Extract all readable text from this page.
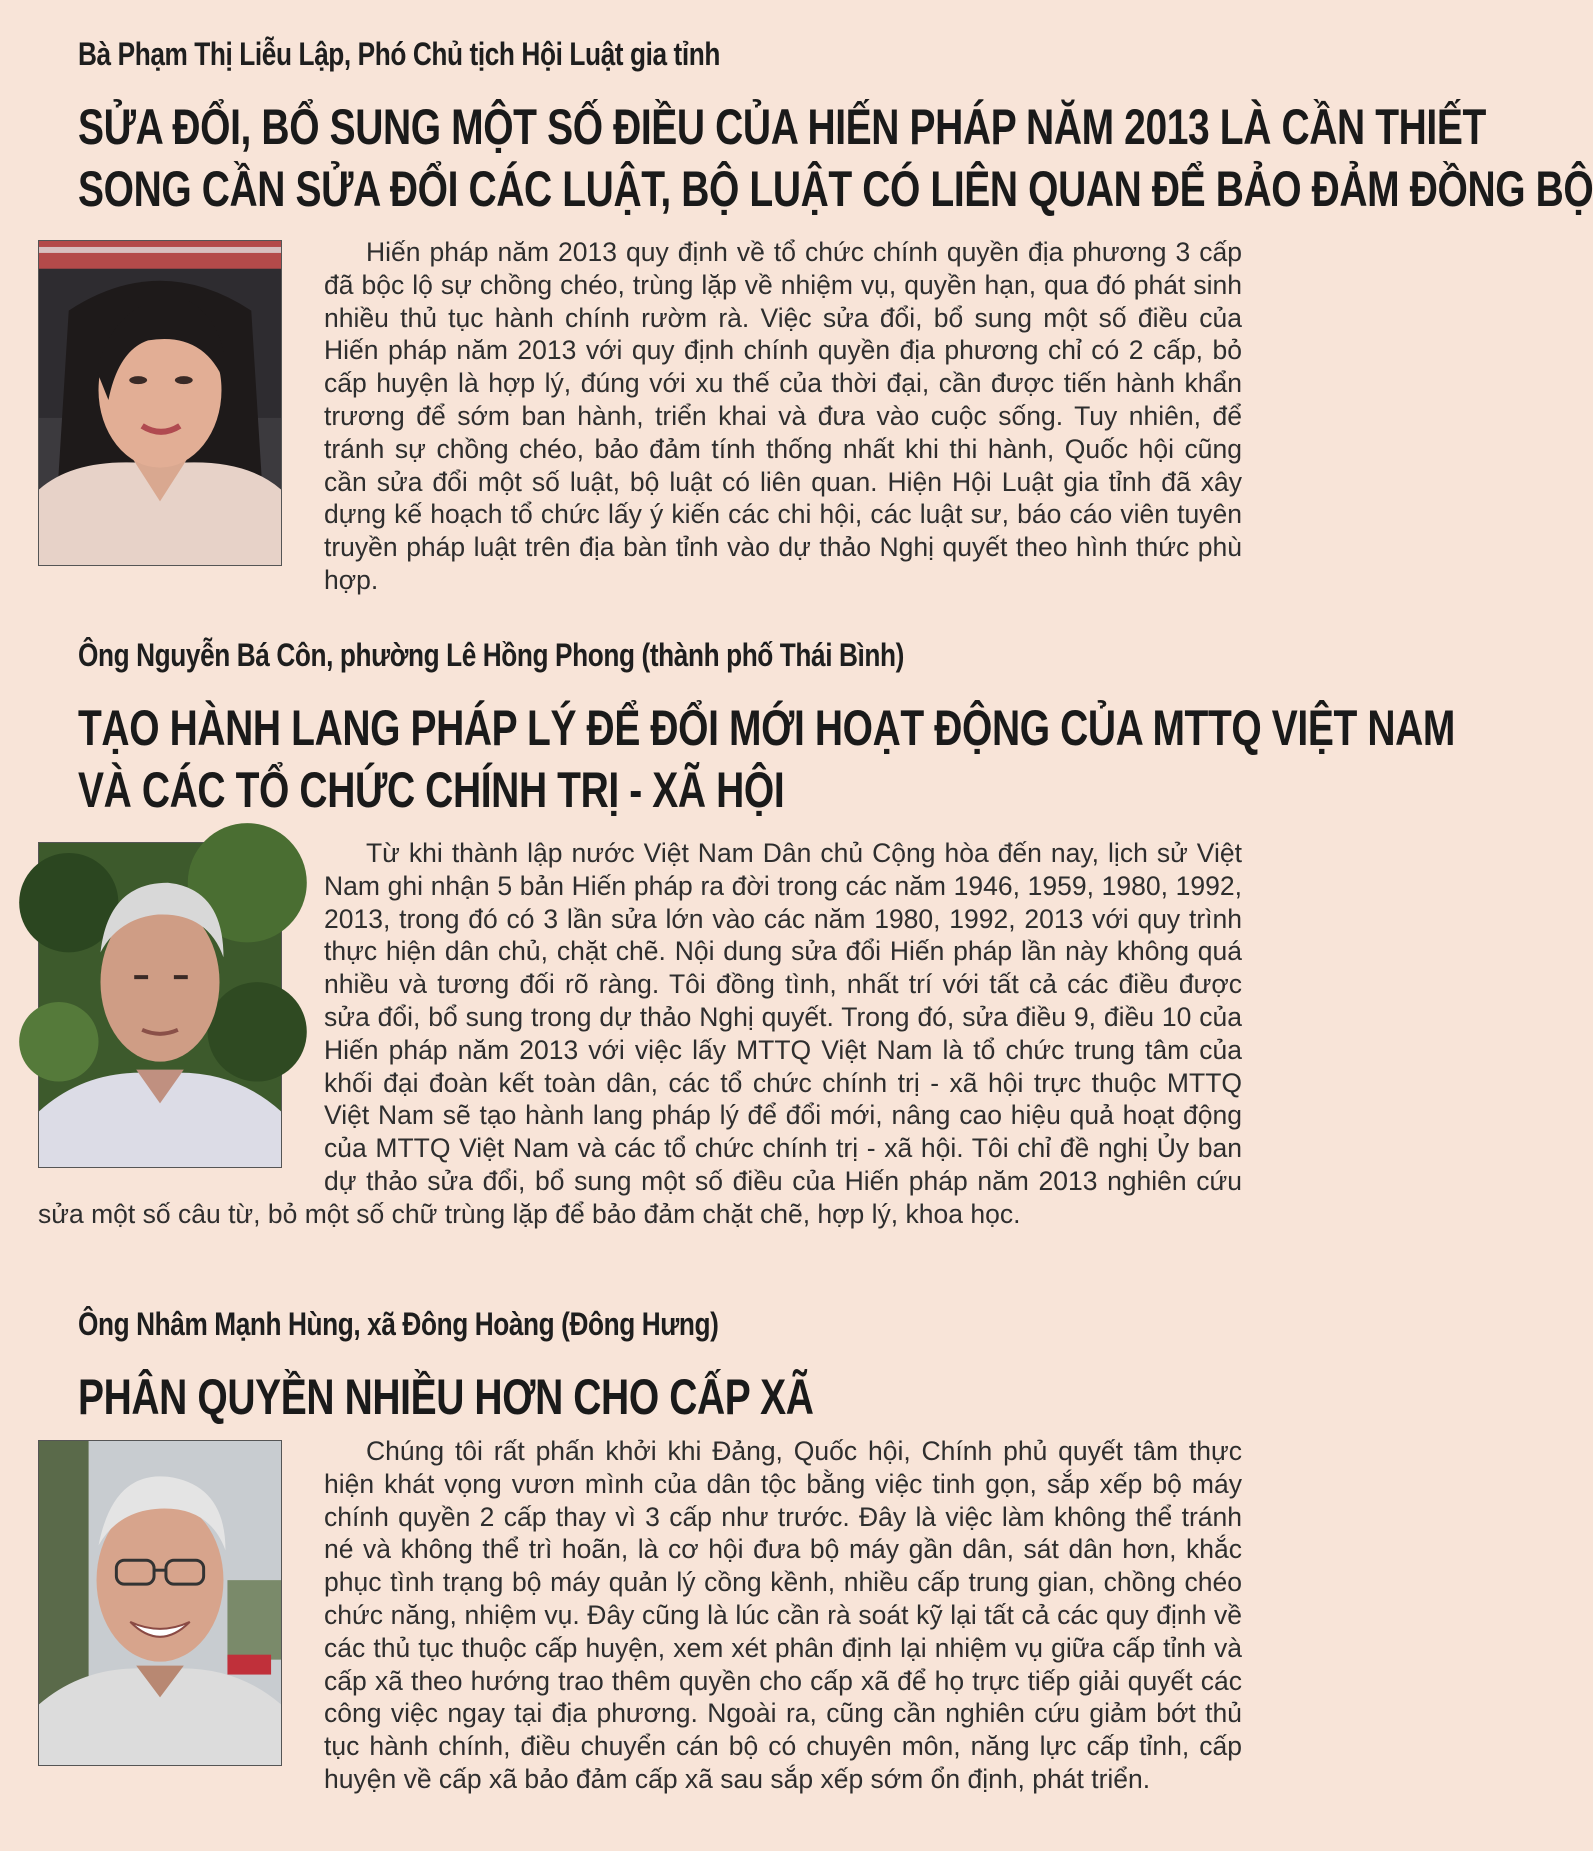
Bà Phạm Thị Liễu Lập, Phó Chủ tịch Hội Luật gia tỉnh
SỬA ĐỔI, BỔ SUNG MỘT SỐ ĐIỀU CỦA HIẾN PHÁP NĂM 2013 LÀ CẦN THIẾT
SONG CẦN SỬA ĐỔI CÁC LUẬT, BỘ LUẬT CÓ LIÊN QUAN ĐỂ BẢO ĐẢM ĐỒNG BỘ

Hiến pháp năm 2013 quy định về tổ chức chính quyền địa phương 3 cấp đã bộc lộ sự chồng chéo, trùng lặp về nhiệm vụ, quyền hạn, qua đó phát sinh nhiều thủ tục hành chính rườm rà. Việc sửa đổi, bổ sung một số điều của Hiến pháp năm 2013 với quy định chính quyền địa phương chỉ có 2 cấp, bỏ cấp huyện là hợp lý, đúng với xu thế của thời đại, cần được tiến hành khẩn trương để sớm ban hành, triển khai và đưa vào cuộc sống. Tuy nhiên, để tránh sự chồng chéo, bảo đảm tính thống nhất khi thi hành, Quốc hội cũng cần sửa đổi một số luật, bộ luật có liên quan. Hiện Hội Luật gia tỉnh đã xây dựng kế hoạch tổ chức lấy ý kiến các chi hội, các luật sư, báo cáo viên tuyên truyền pháp luật trên địa bàn tỉnh vào dự thảo Nghị quyết theo hình thức phù hợp.

Ông Nguyễn Bá Côn, phường Lê Hồng Phong (thành phố Thái Bình)
TẠO HÀNH LANG PHÁP LÝ ĐỂ ĐỔI MỚI HOẠT ĐỘNG CỦA MTTQ VIỆT NAM
VÀ CÁC TỔ CHỨC CHÍNH TRỊ - XÃ HỘI

Từ khi thành lập nước Việt Nam Dân chủ Cộng hòa đến nay, lịch sử Việt Nam ghi nhận 5 bản Hiến pháp ra đời trong các năm 1946, 1959, 1980, 1992, 2013, trong đó có 3 lần sửa lớn vào các năm 1980, 1992, 2013 với quy trình thực hiện dân chủ, chặt chẽ. Nội dung sửa đổi Hiến pháp lần này không quá nhiều và tương đối rõ ràng. Tôi đồng tình, nhất trí với tất cả các điều được sửa đổi, bổ sung trong dự thảo Nghị quyết. Trong đó, sửa điều 9, điều 10 của Hiến pháp năm 2013 với việc lấy MTTQ Việt Nam là tổ chức trung tâm của khối đại đoàn kết toàn dân, các tổ chức chính trị - xã hội trực thuộc MTTQ Việt Nam sẽ tạo hành lang pháp lý để đổi mới, nâng cao hiệu quả hoạt động của MTTQ Việt Nam và các tổ chức chính trị - xã hội. Tôi chỉ đề nghị Ủy ban dự thảo sửa đổi, bổ sung một số điều của Hiến pháp năm 2013 nghiên cứu sửa một số câu từ, bỏ một số chữ trùng lặp để bảo đảm chặt chẽ, hợp lý, khoa học.

Ông Nhâm Mạnh Hùng, xã Đông Hoàng (Đông Hưng)
PHÂN QUYỀN NHIỀU HƠN CHO CẤP XÃ

Chúng tôi rất phấn khởi khi Đảng, Quốc hội, Chính phủ quyết tâm thực hiện khát vọng vươn mình của dân tộc bằng việc tinh gọn, sắp xếp bộ máy chính quyền 2 cấp thay vì 3 cấp như trước. Đây là việc làm không thể tránh né và không thể trì hoãn, là cơ hội đưa bộ máy gần dân, sát dân hơn, khắc phục tình trạng bộ máy quản lý cồng kềnh, nhiều cấp trung gian, chồng chéo chức năng, nhiệm vụ. Đây cũng là lúc cần rà soát kỹ lại tất cả các quy định về các thủ tục thuộc cấp huyện, xem xét phân định lại nhiệm vụ giữa cấp tỉnh và cấp xã theo hướng trao thêm quyền cho cấp xã để họ trực tiếp giải quyết các công việc ngay tại địa phương. Ngoài ra, cũng cần nghiên cứu giảm bớt thủ tục hành chính, điều chuyển cán bộ có chuyên môn, năng lực cấp tỉnh, cấp huyện về cấp xã bảo đảm cấp xã sau sắp xếp sớm ổn định, phát triển.
